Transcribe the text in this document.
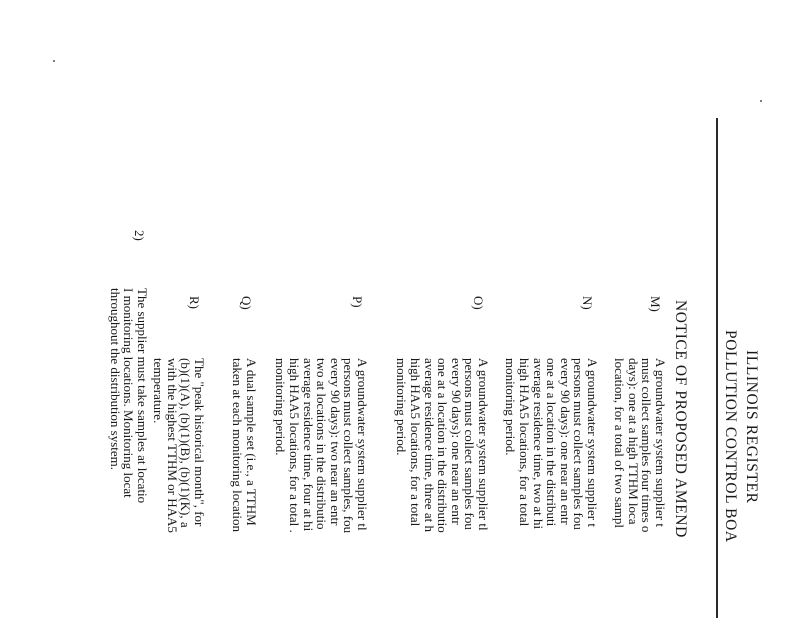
ILLINOIS REGISTER
POLLUTION CONTROL BOA
NOTICE OF PROPOSED AMEND
M)
A groundwater system supplier t
must collect samples four times o
days): one at a high TTHM loca
location, for a total of two sampl
N)
A groundwater system supplier t
persons must collect samples fou
every 90 days): one near an entr
one at a location in the distributi
average residence time, two at hi
high HAA5 locations, for a total
monitoring period.
O)
A groundwater system supplier tl
persons must collect samples fou
every 90 days): one near an entr
one at a location in the distributio
average residence time, three at h
high HAA5 locations, for a total
monitoring period.
P)
A groundwater system supplier tl
persons must collect samples, fou
every 90 days): two near an entr
two at locations in the distributio
average residence time, four at hi
high HAA5 locations, for a total .
monitoring period.
Q)
A dual sample set (i.e., a TTHM
taken at each monitoring location
R)
The "peak historical month", for
(b)(1)(A), (b)(1)(B), (b)(1)(K), a
with the highest TTHM or HAA5
temperature.
2)
The supplier must take samples at locatio
I monitoring locations. Monitoring locat
throughout the distribution system.
